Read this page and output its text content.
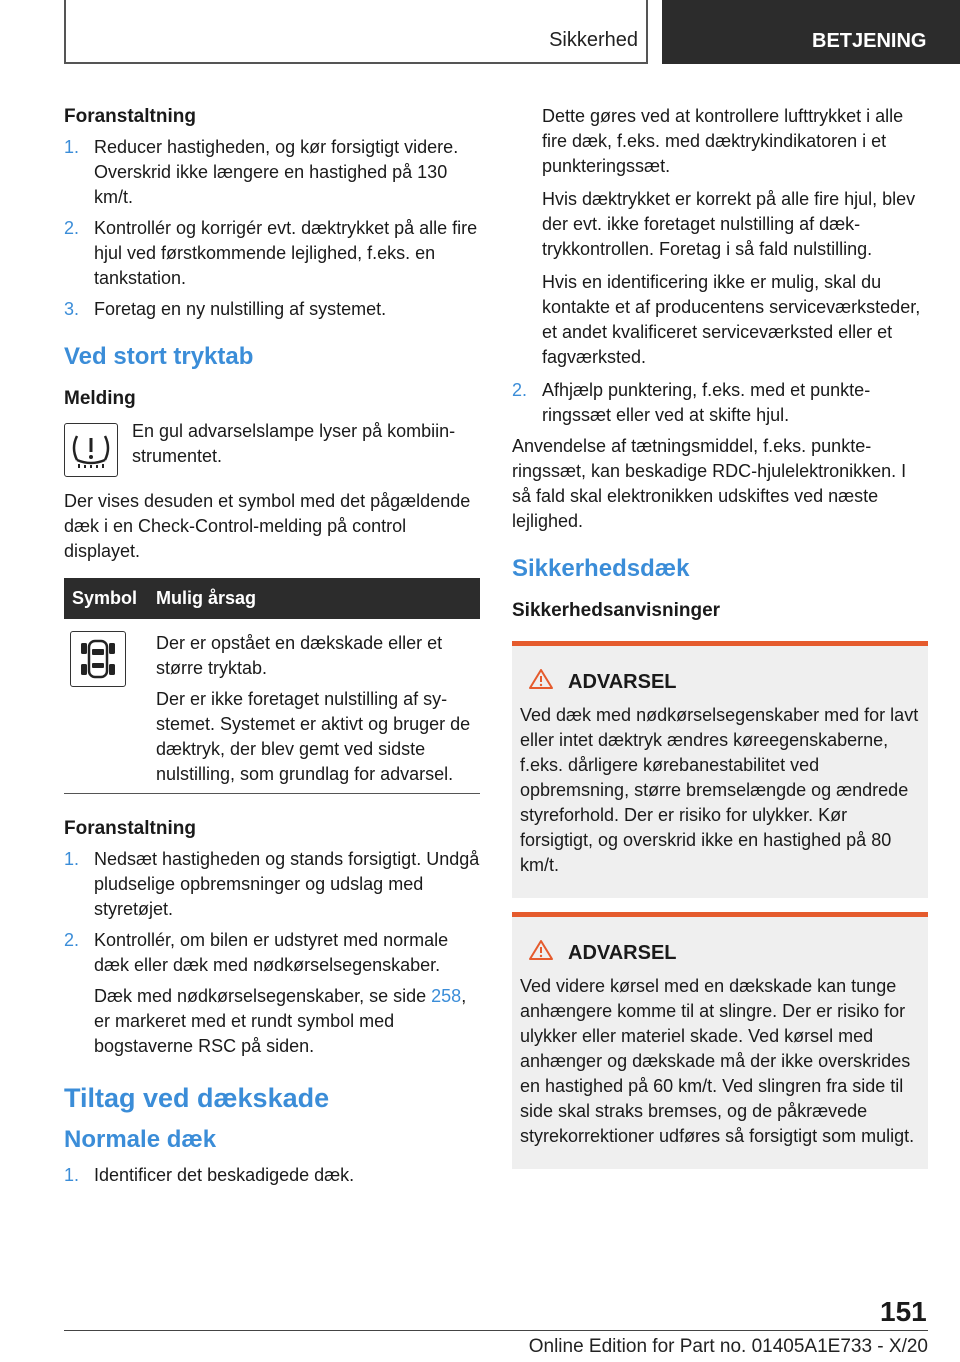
Sikkerhed	BETJENING
Foranstaltning
1. Reducer hastigheden, og kør forsigtigt videre. Overskrid ikke længere en hastighed på 130 km/t.
2. Kontrollér og korrigér evt. dæktrykket på alle fire hjul ved førstkommende lejlighed, f.eks. en tankstation.
3. Foretag en ny nulstilling af systemet.
Ved stort tryktab
Melding
En gul advarselslampe lyser på kombiinstrumentet.
Der vises desuden et symbol med det pågældende dæk i en Check-Control-melding på control displayet.
Symbol	Mulig årsag

Der er opstået en dækskade eller et større tryktab.
Der er ikke foretaget nulstilling af systemet. Systemet er aktivt og bruger de dæktryk, der blev gemt ved sidste nulstilling, som grundlag for advarsel.
Foranstaltning
1. Nedsæt hastigheden og stands forsigtigt. Undgå pludselige opbremsninger og udslag med styretøjet.
2. Kontrollér, om bilen er udstyret med normale dæk eller dæk med nødkørselsegenskaber.
Dæk med nødkørselsegenskaber, se side 258, er markeret med et rundt symbol med bogstaverne RSC på siden.
Tiltag ved dækskade
Normale dæk
1. Identificer det beskadigede dæk.
Dette gøres ved at kontrollere lufttrykket i alle fire dæk, f.eks. med dæktrykindikatoren i et punkteringssæt.
Hvis dæktrykket er korrekt på alle fire hjul, blev der evt. ikke foretaget nulstilling af dæktrykkontrollen. Foretag i så fald nulstilling.
Hvis en identificering ikke er mulig, skal du kontakte et af producentens serviceværksteder, et andet kvalificeret serviceværksted eller et fagværksted.
2. Afhjælp punktering, f.eks. med et punkteringssæt eller ved at skifte hjul.
Anvendelse af tætningsmiddel, f.eks. punkteringssæt, kan beskadige RDC-hjulelektronikken. I så fald skal elektronikken udskiftes ved næste lejlighed.
Sikkerhedsdæk
Sikkerhedsanvisninger
ADVARSEL
Ved dæk med nødkørselsegenskaber med for lavt eller intet dæktryk ændres køreegenskaberne, f.eks. dårligere kørebanestabilitet ved opbremsning, større bremselængde og ændrede styreforhold. Der er risiko for ulykker. Kør forsigtigt, og overskrid ikke en hastighed på 80 km/t.
ADVARSEL
Ved videre kørsel med en dækskade kan tunge anhængere komme til at slingre. Der er risiko for ulykker eller materiel skade. Ved kørsel med anhænger og dækskade må der ikke overskrides en hastighed på 60 km/t. Ved slingren fra side til side skal straks bremses, og de påkrævede styrekorrektioner udføres så forsigtigt som muligt.
151
Online Edition for Part no. 01405A1E733 - X/20
